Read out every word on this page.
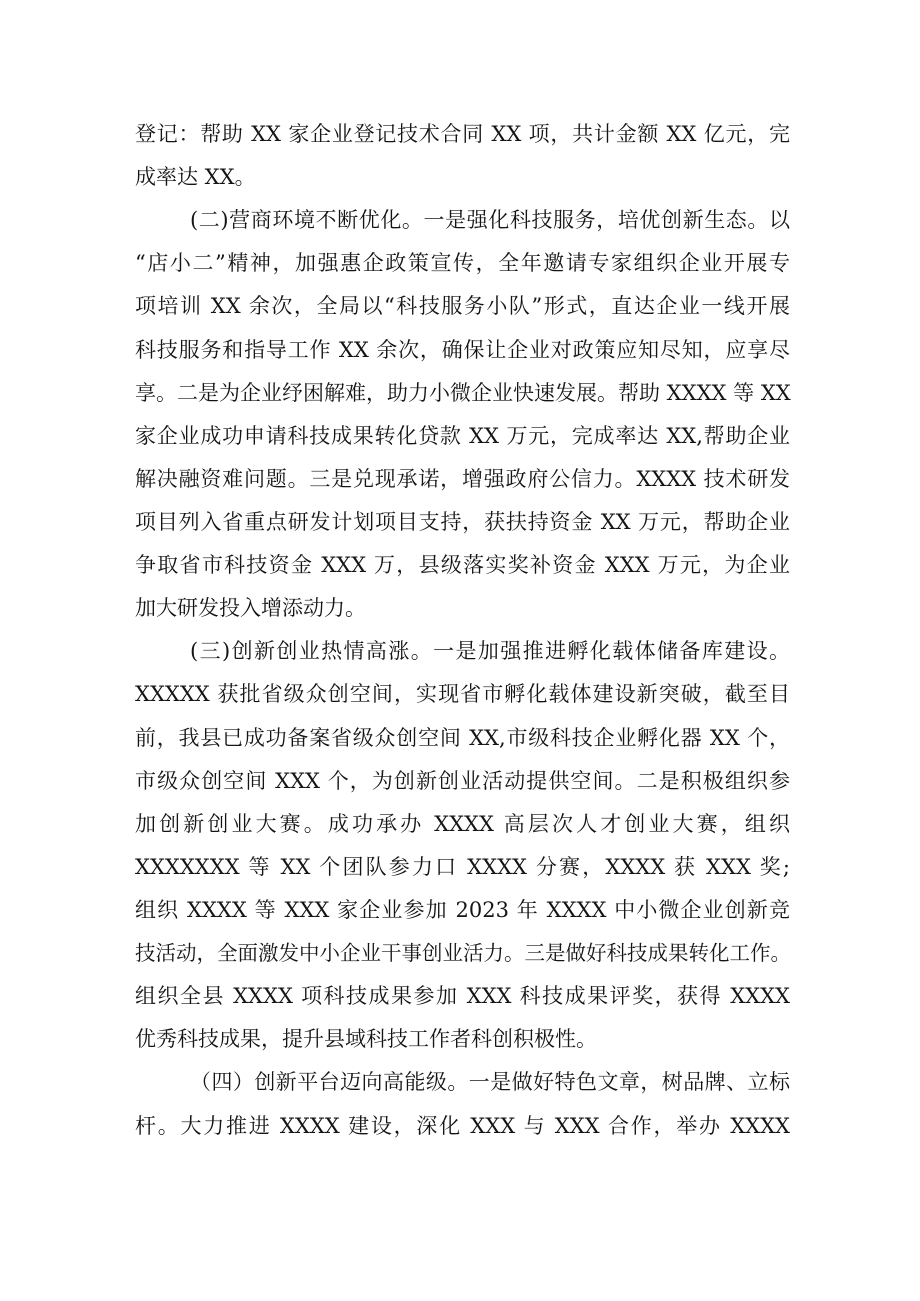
登记：帮助 XX 家企业登记技术合同 XX 项，共计金额 XX 亿元，完
成率达 XX。
(二)营商环境不断优化。一是强化科技服务，培优创新生态。以
“店小二”精神，加强惠企政策宣传，全年邀请专家组织企业开展专
项培训 XX 余次，全局以“科技服务小队”形式，直达企业一线开展
科技服务和指导工作 XX 余次，确保让企业对政策应知尽知，应享尽
享。二是为企业纾困解难，助力小微企业快速发展。帮助 XXXX 等 XX
家企业成功申请科技成果转化贷款 XX 万元，完成率达 XX,帮助企业
解决融资难问题。三是兑现承诺，增强政府公信力。XXXX 技术研发
项目列入省重点研发计划项目支持，获扶持资金 XX 万元，帮助企业
争取省市科技资金 XXX 万，县级落实奖补资金 XXX 万元，为企业
加大研发投入增添动力。
(三)创新创业热情高涨。一是加强推进孵化载体储备库建设。
XXXXX 获批省级众创空间，实现省市孵化载体建设新突破，截至目
前，我县已成功备案省级众创空间 XX,市级科技企业孵化器 XX 个，
市级众创空间 XXX 个，为创新创业活动提供空间。二是积极组织参
加创新创业大赛。成功承办 XXXX 高层次人才创业大赛，组织
XXXXXXX 等 XX 个团队参力口 XXXX 分赛，XXXX 获 XXX 奖;
组织 XXXX 等 XXX 家企业参加 2023 年 XXXX 中小微企业创新竞
技活动，全面激发中小企业干事创业活力。三是做好科技成果转化工作。
组织全县 XXXX 项科技成果参加 XXX 科技成果评奖，获得 XXXX
优秀科技成果，提升县域科技工作者科创积极性。
（四）创新平台迈向高能级。一是做好特色文章，树品牌、立标
杆。大力推进 XXXX 建设，深化 XXX 与 XXX 合作，举办 XXXX
